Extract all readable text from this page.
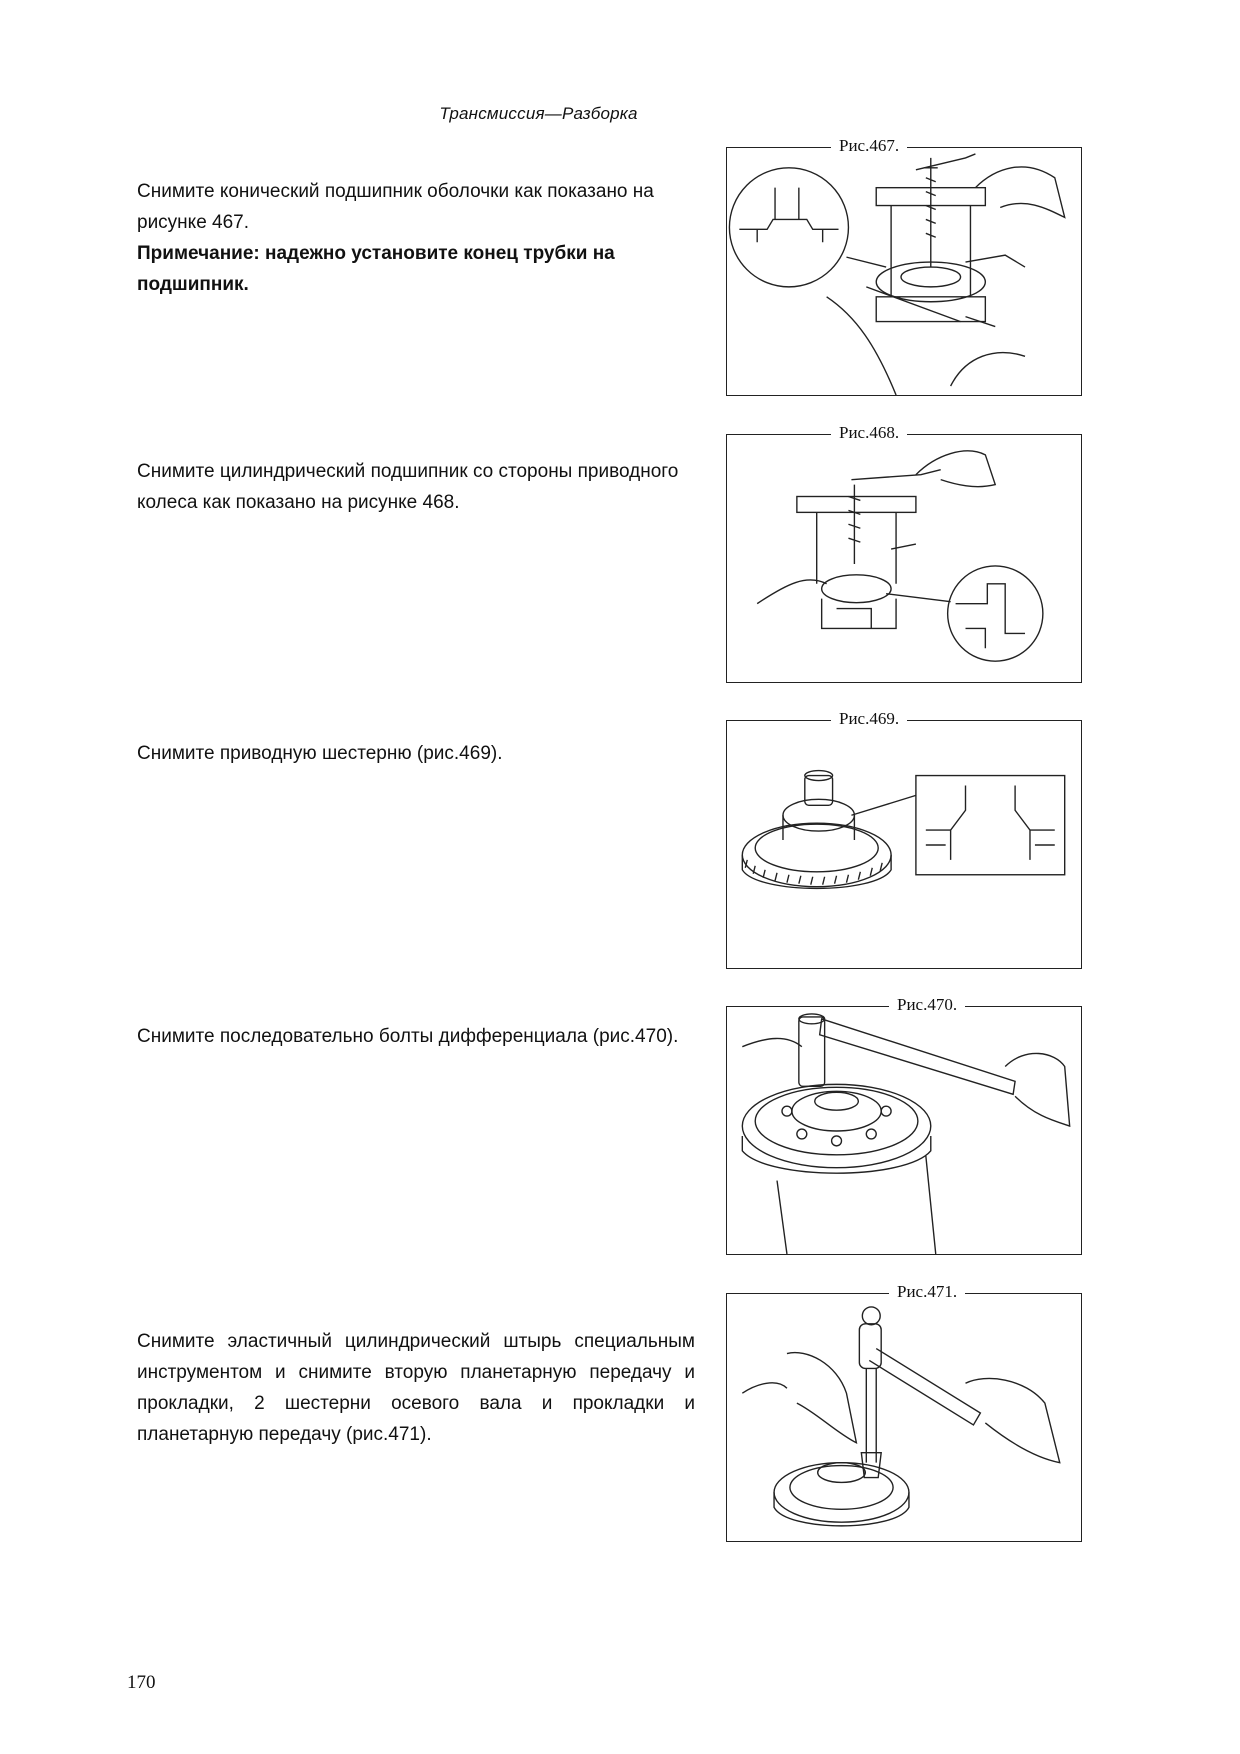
Трансмиссия—Разборка

Снимите конический подшипник оболочки как показано на рисунке 467.

Примечание: надежно установите конец трубки на подшипник.

Рис.467.

Снимите цилиндрический подшипник со стороны приводного колеса как показано на рисунке 468.

Рис.468.

Снимите приводную шестерню (рис.469).

Рис.469.

Снимите последовательно болты дифференциала (рис.470).

Рис.470.

Снимите эластичный цилиндрический штырь специальным инструментом и снимите вторую планетарную передачу и прокладки, 2 шестерни осевого вала и прокладки и планетарную передачу (рис.471).

Рис.471.
170
